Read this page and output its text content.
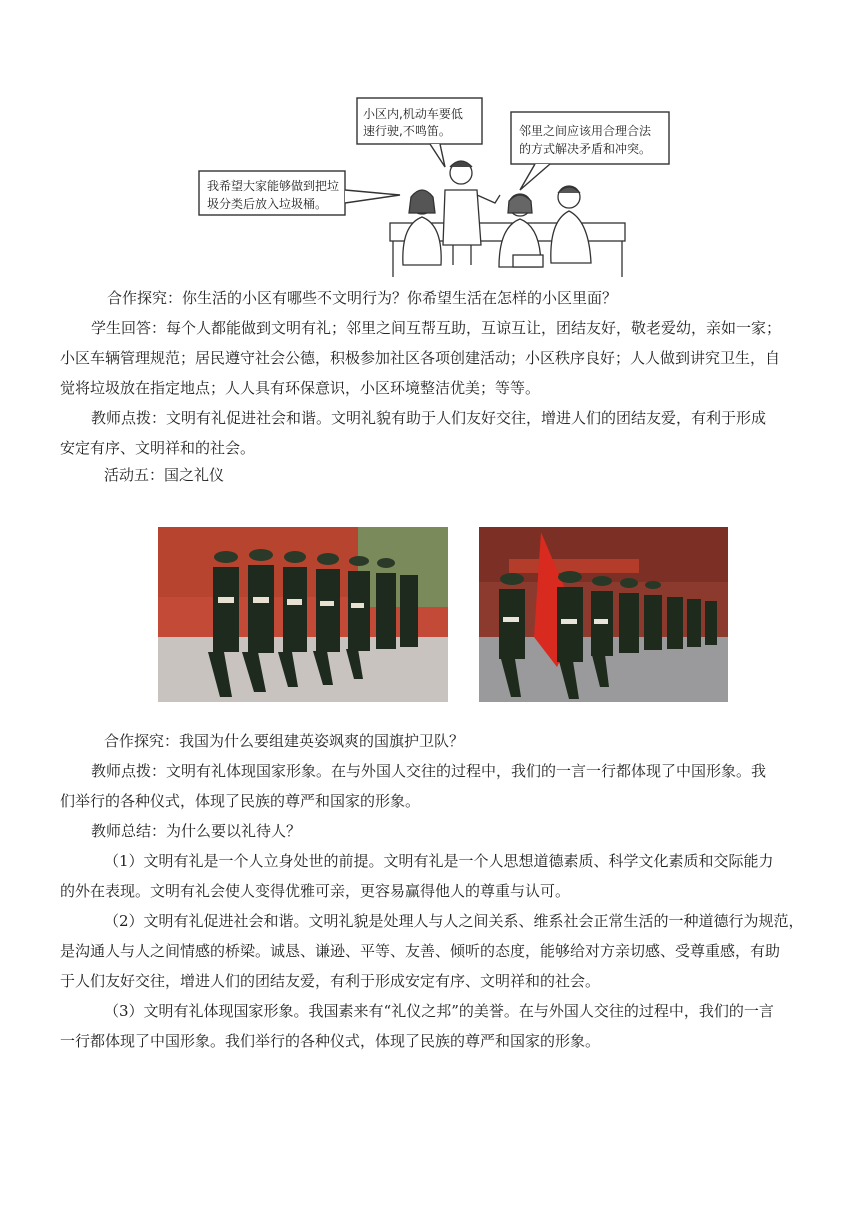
小区内,机动车要低
速行驶,不鸣笛。	邻里之间应该用合理合法
的方式解决矛盾和冲突。
我希望大家能够做到把垃
圾分类后放入垃圾桶。
合作探究：你生活的小区有哪些不文明行为？你希望生活在怎样的小区里面？
学生回答：每个人都能做到文明有礼；邻里之间互帮互助，互谅互让，团结友好，敬老爱幼，亲如一家；
小区车辆管理规范；居民遵守社会公德，积极参加社区各项创建活动；小区秩序良好；人人做到讲究卫生，自
觉将垃圾放在指定地点；人人具有环保意识，小区环境整洁优美；等等。
教师点拨：文明有礼促进社会和谐。文明礼貌有助于人们友好交往，增进人们的团结友爱，有利于形成
安定有序、文明祥和的社会。
活动五：国之礼仪
合作探究：我国为什么要组建英姿飒爽的国旗护卫队？
教师点拨：文明有礼体现国家形象。在与外国人交往的过程中，我们的一言一行都体现了中国形象。我
们举行的各种仪式，体现了民族的尊严和国家的形象。
教师总结：为什么要以礼待人？
（1）文明有礼是一个人立身处世的前提。文明有礼是一个人思想道德素质、科学文化素质和交际能力
的外在表现。文明有礼会使人变得优雅可亲，更容易赢得他人的尊重与认可。
（2）文明有礼促进社会和谐。文明礼貌是处理人与人之间关系、维系社会正常生活的一种道德行为规范，
是沟通人与人之间情感的桥梁。诚恳、谦逊、平等、友善、倾听的态度，能够给对方亲切感、受尊重感，有助
于人们友好交往，增进人们的团结友爱，有利于形成安定有序、文明祥和的社会。
（3）文明有礼体现国家形象。我国素来有“礼仪之邦”的美誉。在与外国人交往的过程中，我们的一言
一行都体现了中国形象。我们举行的各种仪式，体现了民族的尊严和国家的形象。
